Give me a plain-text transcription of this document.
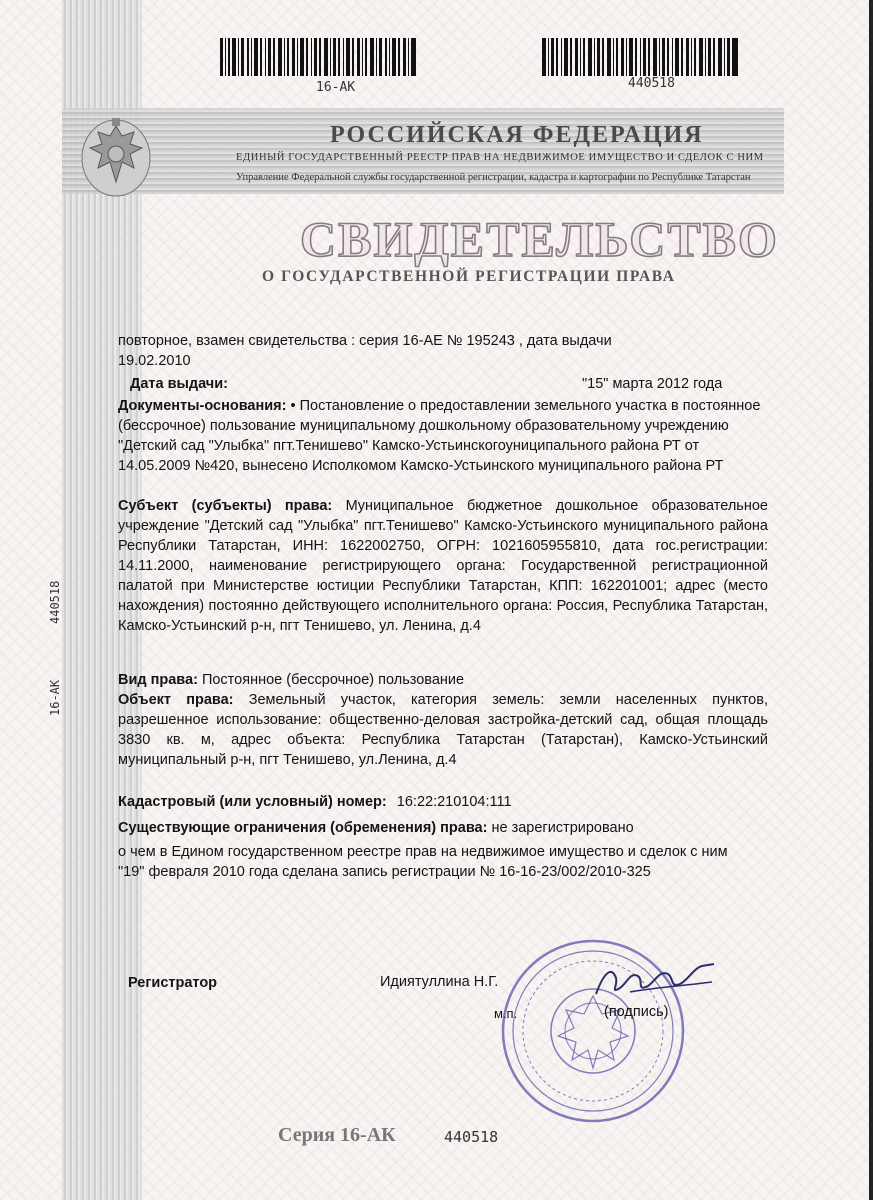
16-АК	440518
РОССИЙСКАЯ ФЕДЕРАЦИЯ
ЕДИНЫЙ ГОСУДАРСТВЕННЫЙ РЕЕСТР ПРАВ НА НЕДВИЖИМОЕ ИМУЩЕСТВО И СДЕЛОК С НИМ
Управление Федеральной службы государственной регистрации, кадастра и картографии по Республике Татарстан
СВИДЕТЕЛЬСТВО
О ГОСУДАРСТВЕННОЙ РЕГИСТРАЦИИ ПРАВА
440518
16-АК
повторное, взамен свидетельства : серия 16-АЕ № 195243 , дата выдачи
19.02.2010
Дата выдачи:	"15" марта 2012 года
Документы-основания: • Постановление о предоставлении земельного участка в постоянное (бессрочное) пользование муниципальному дошкольному образовательному учреждению "Детский сад "Улыбка" пгт.Тенишево" Камско-Устьинскогоуниципального района РТ от 14.05.2009 №420, вынесено Исполкомом Камско-Устьинского муниципального района РТ
Субъект (субъекты) права: Муниципальное бюджетное дошкольное образовательное учреждение "Детский сад "Улыбка" пгт.Тенишево" Камско-Устьинского муниципального района Республики Татарстан, ИНН: 1622002750, ОГРН: 1021605955810, дата гос.регистрации: 14.11.2000, наименование регистрирующего органа: Государственной регистрационной палатой при Министерстве юстиции Республики Татарстан, КПП: 162201001; адрес (место нахождения) постоянно действующего исполнительного органа: Россия, Республика Татарстан, Камско-Устьинский р-н, пгт Тенишево, ул. Ленина, д.4
Вид права: Постоянное (бессрочное) пользование
Объект права: Земельный участок, категория земель: земли населенных пунктов, разрешенное использование: общественно-деловая застройка-детский сад, общая площадь 3830 кв. м, адрес объекта: Республика Татарстан (Татарстан), Камско-Устьинский муниципальный р-н, пгт Тенишево, ул.Ленина, д.4
Кадастровый (или условный) номер: 16:22:210104:111
Существующие ограничения (обременения) права: не зарегистрировано
о чем в Едином государственном реестре прав на недвижимое имущество и сделок с ним "19" февраля 2010 года сделана запись регистрации № 16-16-23/002/2010-325
Регистратор	Идиятуллина Н.Г.
м.п.	(подпись)
Серия 16-АК	440518
